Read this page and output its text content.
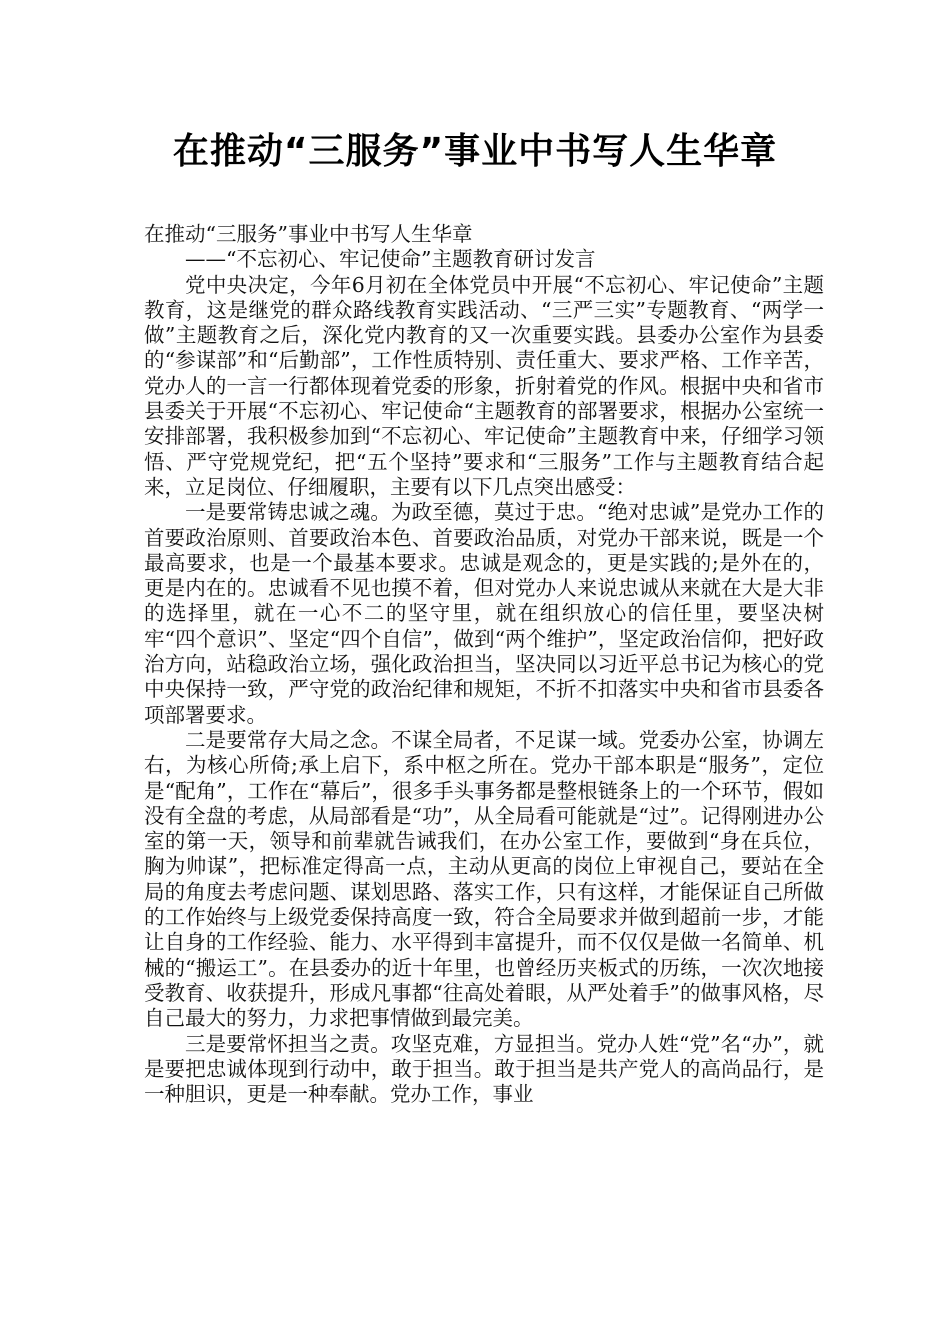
在推动“三服务”事业中书写人生华章

在推动“三服务”事业中书写人生华章

——“不忘初心、牢记使命”主题教育研讨发言

党中央决定，今年6月初在全体党员中开展“不忘初心、牢记使命”主题教育，这是继党的群众路线教育实践活动、“三严三实”专题教育、“两学一做”主题教育之后，深化党内教育的又一次重要实践。县委办公室作为县委的“参谋部”和“后勤部”，工作性质特别、责任重大、要求严格、工作辛苦，党办人的一言一行都体现着党委的形象，折射着党的作风。根据中央和省市县委关于开展“不忘初心、牢记使命“主题教育的部署要求，根据办公室统一安排部署，我积极参加到“不忘初心、牢记使命”主题教育中来，仔细学习领悟、严守党规党纪，把“五个坚持”要求和“三服务”工作与主题教育结合起来，立足岗位、仔细履职，主要有以下几点突出感受：

一是要常铸忠诚之魂。为政至德，莫过于忠。“绝对忠诚”是党办工作的首要政治原则、首要政治本色、首要政治品质，对党办干部来说，既是一个最高要求，也是一个最基本要求。忠诚是观念的，更是实践的;是外在的，更是内在的。忠诚看不见也摸不着，但对党办人来说忠诚从来就在大是大非的选择里，就在一心不二的坚守里，就在组织放心的信任里，要坚决树牢“四个意识”、坚定“四个自信”，做到“两个维护”，坚定政治信仰，把好政治方向，站稳政治立场，强化政治担当，坚决同以习近平总书记为核心的党中央保持一致，严守党的政治纪律和规矩，不折不扣落实中央和省市县委各项部署要求。

二是要常存大局之念。不谋全局者，不足谋一域。党委办公室，协调左右，为核心所倚;承上启下，系中枢之所在。党办干部本职是“服务”，定位是“配角”，工作在“幕后”，很多手头事务都是整根链条上的一个环节，假如没有全盘的考虑，从局部看是“功”，从全局看可能就是“过”。记得刚进办公室的第一天，领导和前辈就告诫我们，在办公室工作，要做到“身在兵位，胸为帅谋”，把标准定得高一点，主动从更高的岗位上审视自己，要站在全局的角度去考虑问题、谋划思路、落实工作，只有这样，才能保证自己所做的工作始终与上级党委保持高度一致，符合全局要求并做到超前一步，才能让自身的工作经验、能力、水平得到丰富提升，而不仅仅是做一名简单、机械的“搬运工”。在县委办的近十年里，也曾经历夹板式的历练，一次次地接受教育、收获提升，形成凡事都“往高处着眼，从严处着手”的做事风格，尽自己最大的努力，力求把事情做到最完美。

三是要常怀担当之责。攻坚克难，方显担当。党办人姓“党”名“办”，就是要把忠诚体现到行动中，敢于担当。敢于担当是共产党人的高尚品行，是一种胆识，更是一种奉献。党办工作，事业
